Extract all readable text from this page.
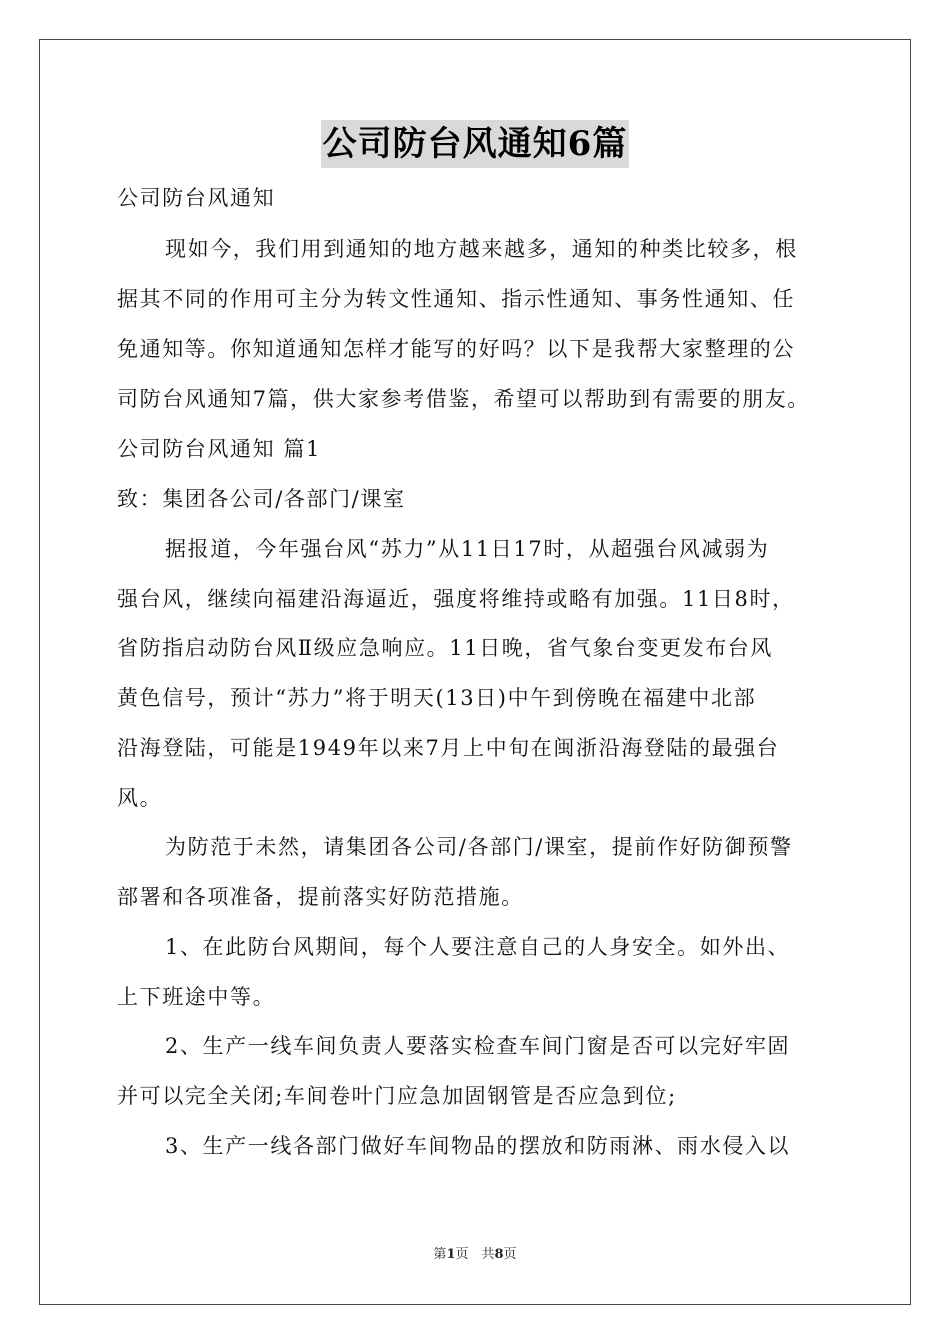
公司防台风通知6篇
公司防台风通知
现如今，我们用到通知的地方越来越多，通知的种类比较多，根
据其不同的作用可主分为转文性通知、指示性通知、事务性通知、任
免通知等。你知道通知怎样才能写的好吗？以下是我帮大家整理的公
司防台风通知7篇，供大家参考借鉴，希望可以帮助到有需要的朋友。
公司防台风通知 篇1
致：集团各公司/各部门/课室
据报道，今年强台风“苏力”从11日17时，从超强台风减弱为
强台风，继续向福建沿海逼近，强度将维持或略有加强。11日8时，
省防指启动防台风Ⅱ级应急响应。11日晚，省气象台变更发布台风
黄色信号，预计“苏力”将于明天(13日)中午到傍晚在福建中北部
沿海登陆，可能是1949年以来7月上中旬在闽浙沿海登陆的最强台
风。
为防范于未然，请集团各公司/各部门/课室，提前作好防御预警
部署和各项准备，提前落实好防范措施。
1、在此防台风期间，每个人要注意自己的人身安全。如外出、
上下班途中等。
2、生产一线车间负责人要落实检查车间门窗是否可以完好牢固
并可以完全关闭;车间卷叶门应急加固钢管是否应急到位;
3、生产一线各部门做好车间物品的摆放和防雨淋、雨水侵入以
第1页　共8页
